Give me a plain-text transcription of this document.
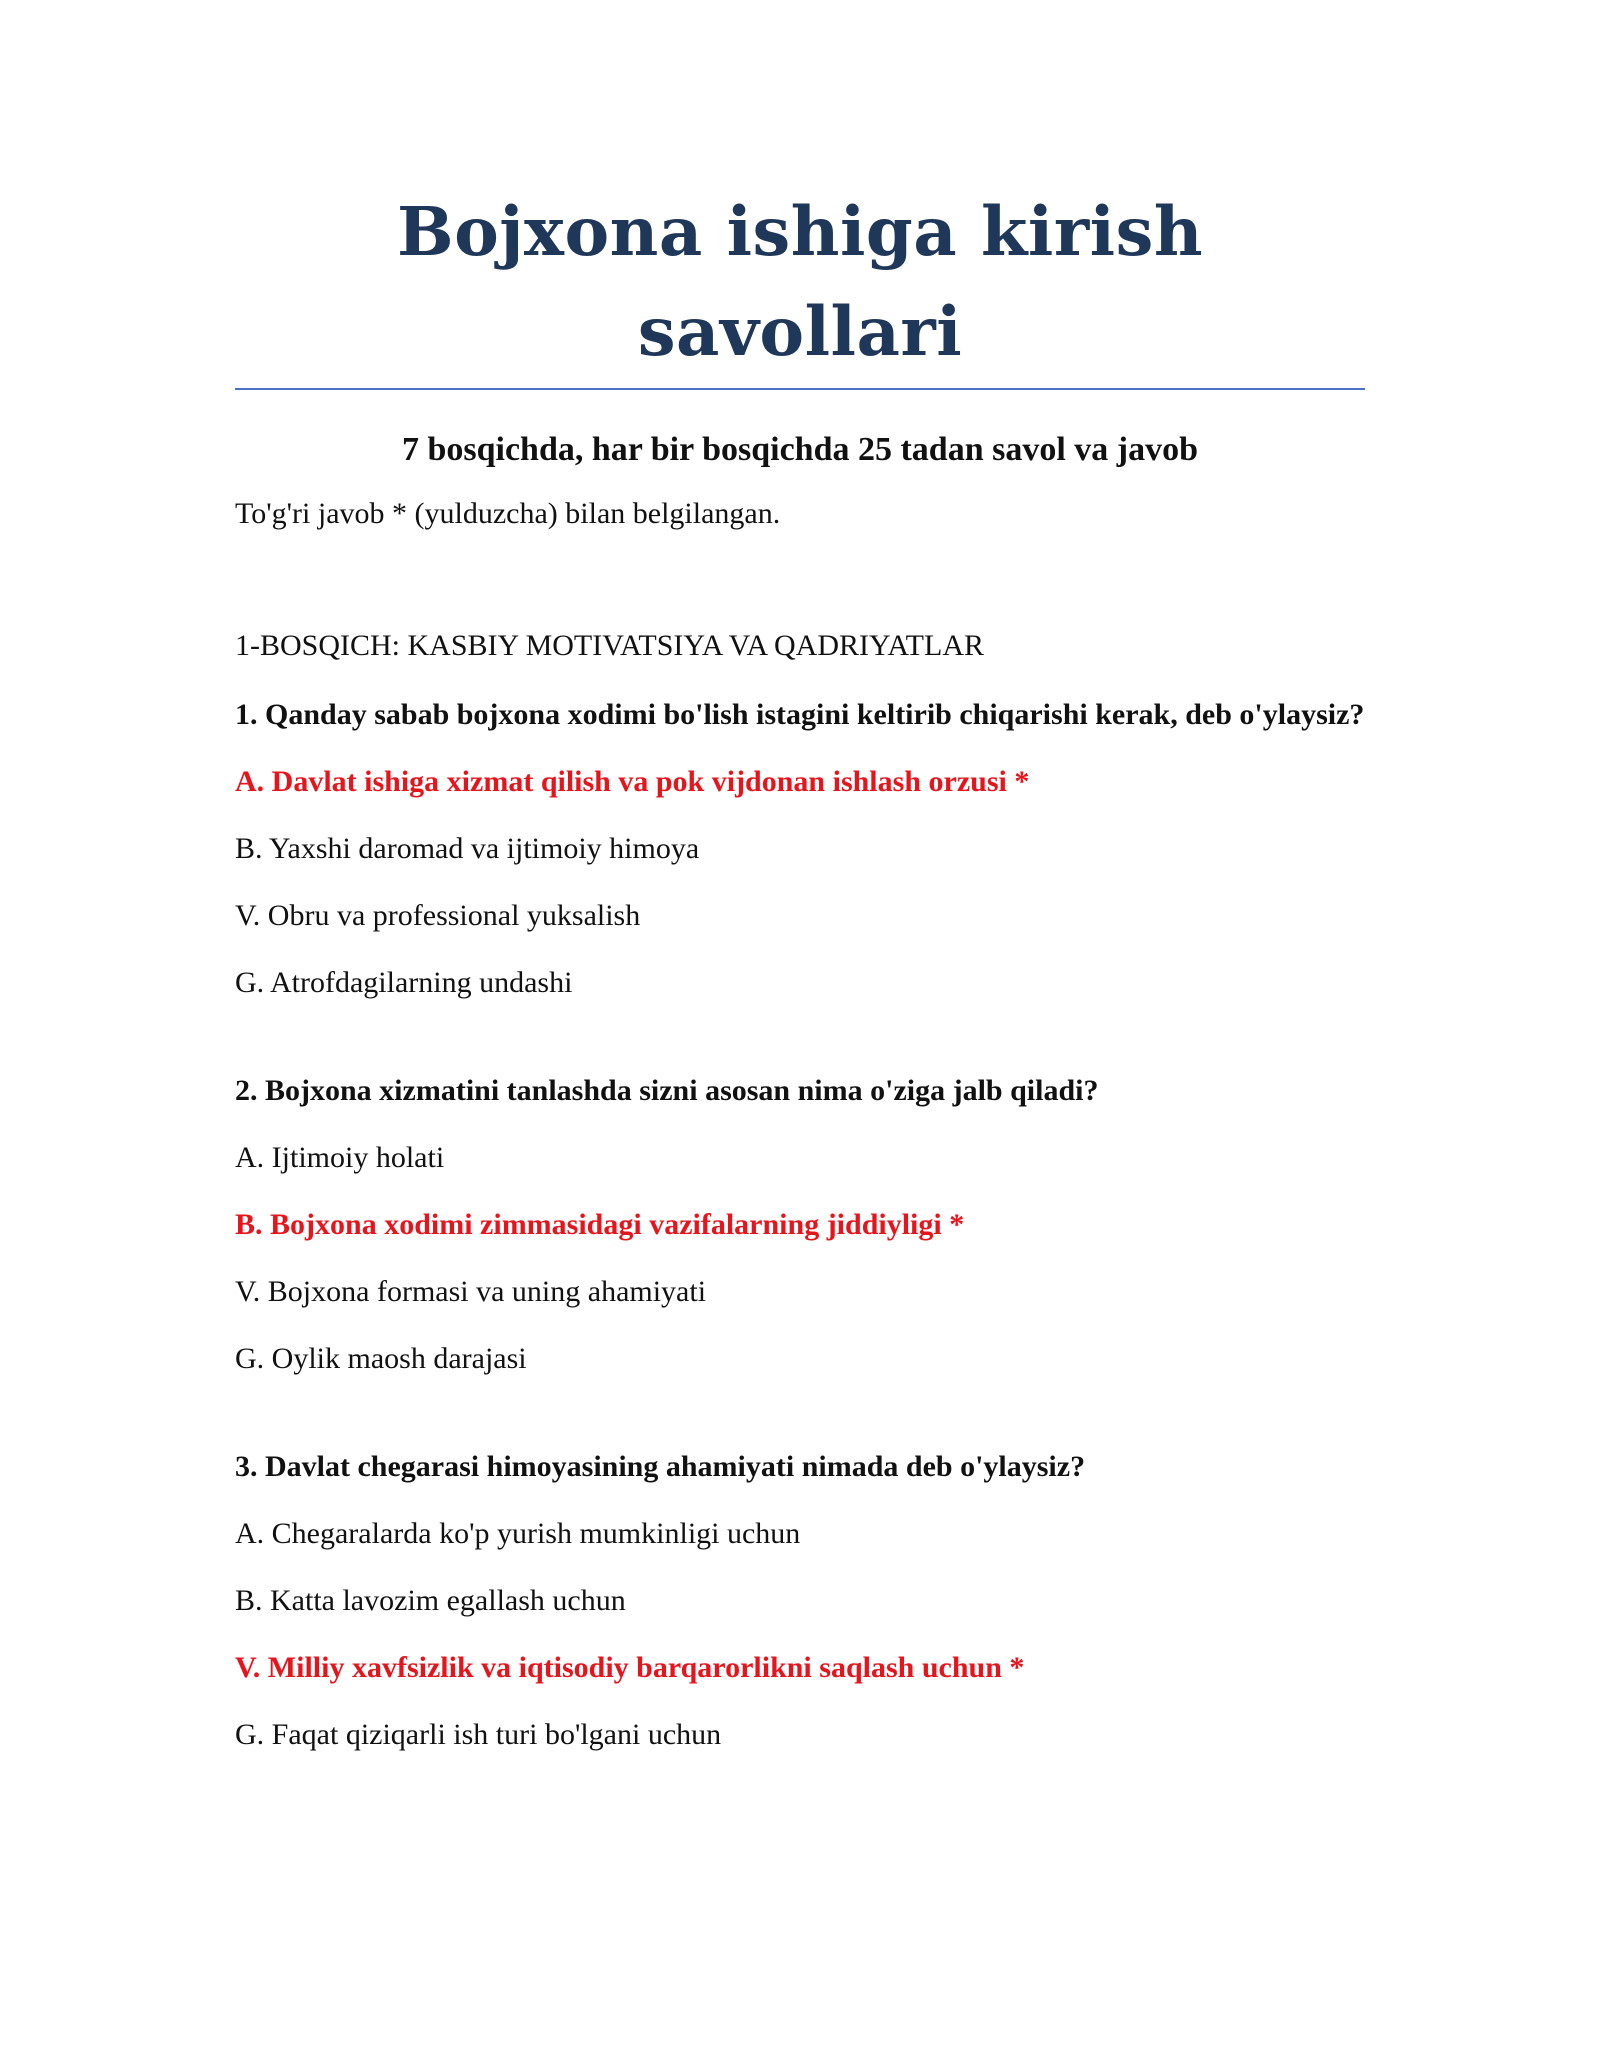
Bojxona ishiga kirish savollari

7 bosqichda, har bir bosqichda 25 tadan savol va javob

To'g'ri javob * (yulduzcha) bilan belgilangan.

1-BOSQICH: KASBIY MOTIVATSIYA VA QADRIYATLAR

1. Qanday sabab bojxona xodimi bo'lish istagini keltirib chiqarishi kerak, deb o'ylaysiz?

A. Davlat ishiga xizmat qilish va pok vijdonan ishlash orzusi *

B. Yaxshi daromad va ijtimoiy himoya

V. Obru va professional yuksalish

G. Atrofdagilarning undashi

2. Bojxona xizmatini tanlashda sizni asosan nima o'ziga jalb qiladi?

A. Ijtimoiy holati

B. Bojxona xodimi zimmasidagi vazifalarning jiddiyligi *

V. Bojxona formasi va uning ahamiyati

G. Oylik maosh darajasi

3. Davlat chegarasi himoyasining ahamiyati nimada deb o'ylaysiz?

A. Chegaralarda ko'p yurish mumkinligi uchun

B. Katta lavozim egallash uchun

V. Milliy xavfsizlik va iqtisodiy barqarorlikni saqlash uchun *

G. Faqat qiziqarli ish turi bo'lgani uchun
